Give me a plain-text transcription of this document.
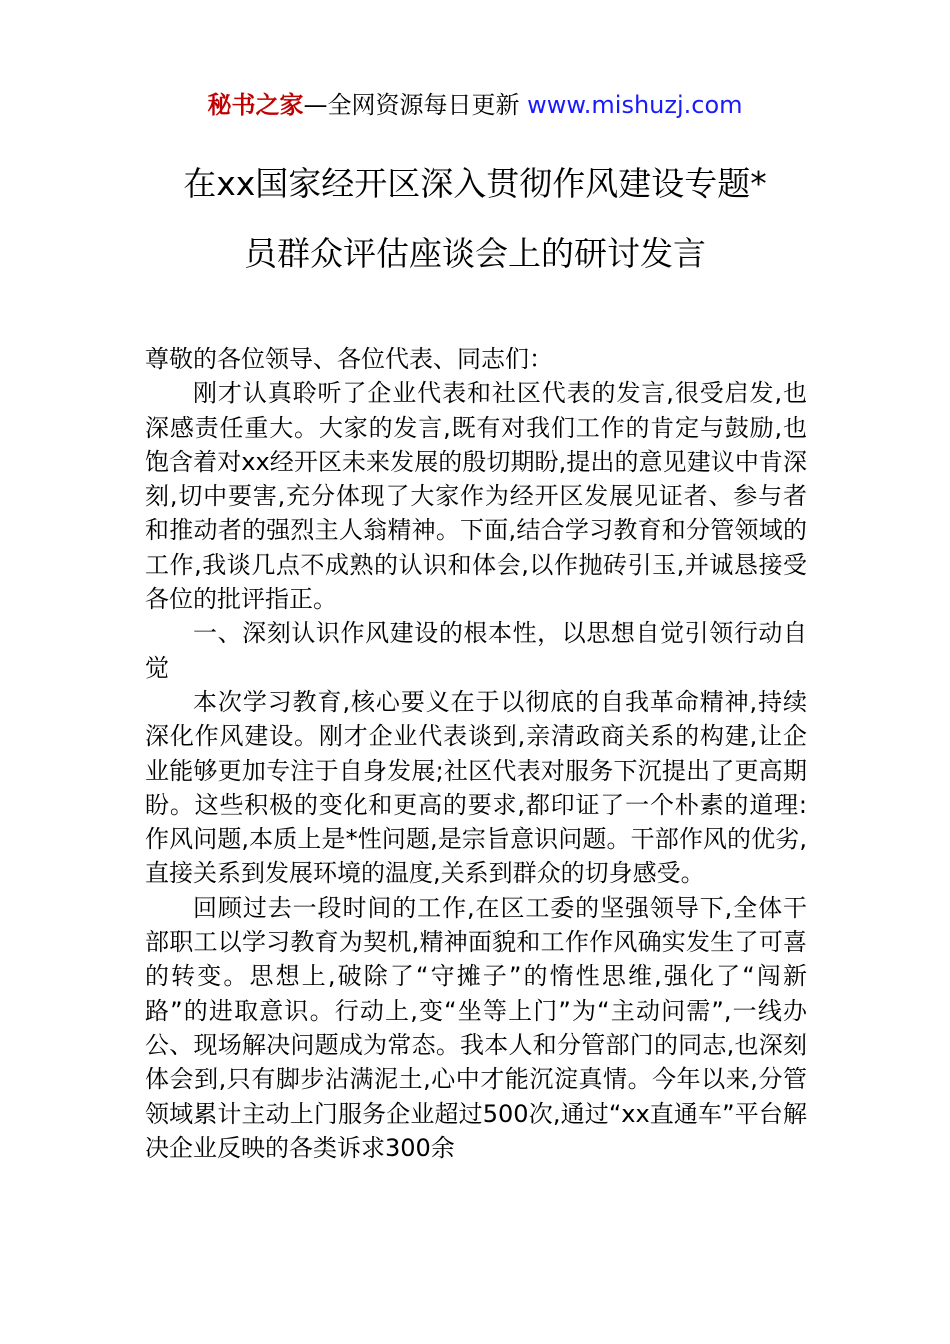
秘书之家—全网资源每日更新 www.mishuzj.com
在xx国家经开区深入贯彻作风建设专题*
员群众评估座谈会上的研讨发言

尊敬的各位领导、各位代表、同志们：

刚才认真聆听了企业代表和社区代表的发言,很受启发,也深感责任重大。大家的发言,既有对我们工作的肯定与鼓励,也饱含着对xx经开区未来发展的殷切期盼,提出的意见建议中肯深刻,切中要害,充分体现了大家作为经开区发展见证者、参与者和推动者的强烈主人翁精神。下面,结合学习教育和分管领域的工作,我谈几点不成熟的认识和体会,以作抛砖引玉,并诚恳接受各位的批评指正。

一、深刻认识作风建设的根本性，以思想自觉引领行动自觉

本次学习教育,核心要义在于以彻底的自我革命精神,持续深化作风建设。刚才企业代表谈到,亲清政商关系的构建,让企业能够更加专注于自身发展;社区代表对服务下沉提出了更高期盼。这些积极的变化和更高的要求,都印证了一个朴素的道理:作风问题,本质上是*性问题,是宗旨意识问题。干部作风的优劣,直接关系到发展环境的温度,关系到群众的切身感受。

回顾过去一段时间的工作,在区工委的坚强领导下,全体干部职工以学习教育为契机,精神面貌和工作作风确实发生了可喜的转变。思想上,破除了“守摊子”的惰性思维,强化了“闯新路”的进取意识。行动上,变“坐等上门”为“主动问需”,一线办公、现场解决问题成为常态。我本人和分管部门的同志,也深刻体会到,只有脚步沾满泥土,心中才能沉淀真情。今年以来,分管领域累计主动上门服务企业超过500次,通过“xx直通车”平台解决企业反映的各类诉求300余
